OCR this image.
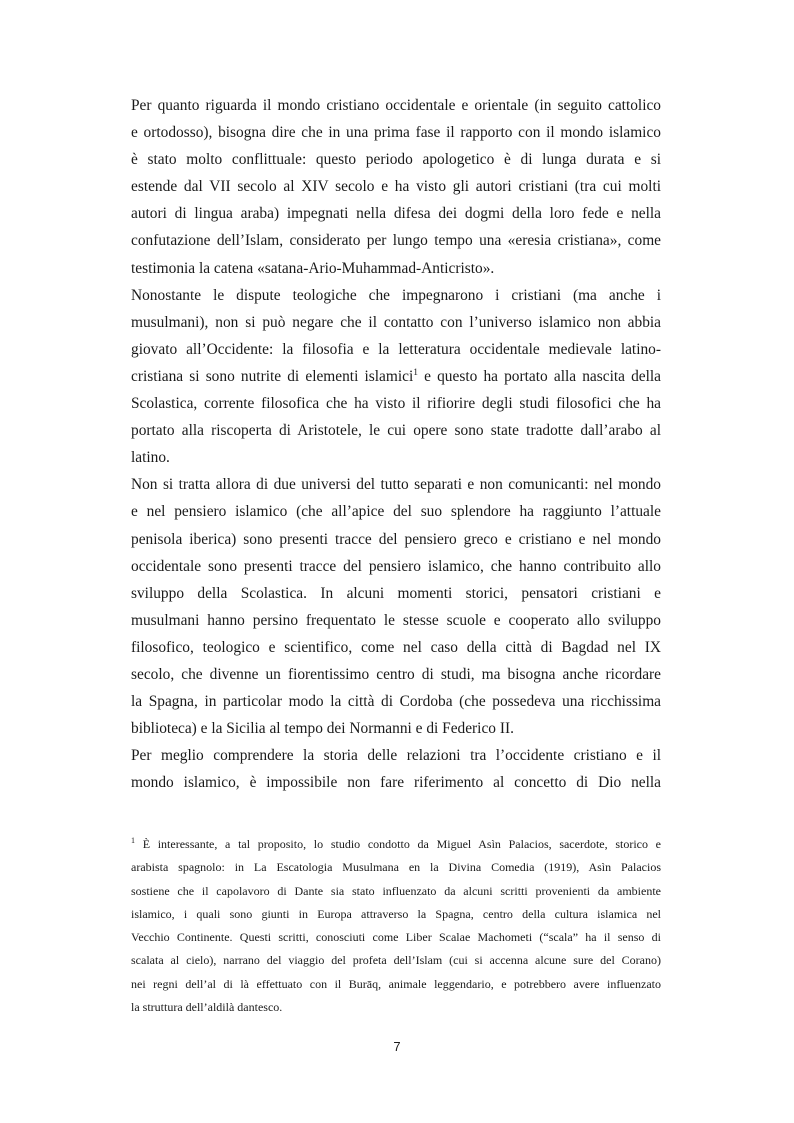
Per quanto riguarda il mondo cristiano occidentale e orientale (in seguito cattolico
e ortodosso), bisogna dire che in una prima fase il rapporto con il mondo islamico
è stato molto conflittuale: questo periodo apologetico è di lunga durata e si
estende dal VII secolo al XIV secolo e ha visto gli autori cristiani (tra cui molti
autori di lingua araba) impegnati nella difesa dei dogmi della loro fede e nella
confutazione dell’Islam, considerato per lungo tempo una «eresia cristiana», come
testimonia la catena «satana-Ario-Muhammad-Anticristo».

Nonostante le dispute teologiche che impegnarono i cristiani (ma anche i
musulmani), non si può negare che il contatto con l’universo islamico non abbia
giovato all’Occidente: la filosofia e la letteratura occidentale medievale latino-
cristiana si sono nutrite di elementi islamici$^1$ e questo ha portato alla nascita della
Scolastica, corrente filosofica che ha visto il rifiorire degli studi filosofici che ha
portato alla riscoperta di Aristotele, le cui opere sono state tradotte dall’arabo al
latino.

Non si tratta allora di due universi del tutto separati e non comunicanti: nel mondo
e nel pensiero islamico (che all’apice del suo splendore ha raggiunto l’attuale
penisola iberica) sono presenti tracce del pensiero greco e cristiano e nel mondo
occidentale sono presenti tracce del pensiero islamico, che hanno contribuito allo
sviluppo della Scolastica. In alcuni momenti storici, pensatori cristiani e
musulmani hanno persino frequentato le stesse scuole e cooperato allo sviluppo
filosofico, teologico e scientifico, come nel caso della città di Bagdad nel IX
secolo, che divenne un fiorentissimo centro di studi, ma bisogna anche ricordare
la Spagna, in particolar modo la città di Cordoba (che possedeva una ricchissima
biblioteca) e la Sicilia al tempo dei Normanni e di Federico II.

Per meglio comprendere la storia delle relazioni tra l’occidente cristiano e il
mondo islamico, è impossibile non fare riferimento al concetto di Dio nella

$^1$ È interessante, a tal proposito, lo studio condotto da Miguel Asìn Palacios, sacerdote, storico e
arabista spagnolo: in La Escatologia Musulmana en la Divina Comedia (1919), Asìn Palacios
sostiene che il capolavoro di Dante sia stato influenzato da alcuni scritti provenienti da ambiente
islamico, i quali sono giunti in Europa attraverso la Spagna, centro della cultura islamica nel
Vecchio Continente. Questi scritti, conosciuti come Liber Scalae Machometi (“scala” ha il senso di
scalata al cielo), narrano del viaggio del profeta dell’Islam (cui si accenna alcune sure del Corano)
nei regni dell’al di là effettuato con il Burāq, animale leggendario, e potrebbero avere influenzato
la struttura dell’aldilà dantesco.
7
